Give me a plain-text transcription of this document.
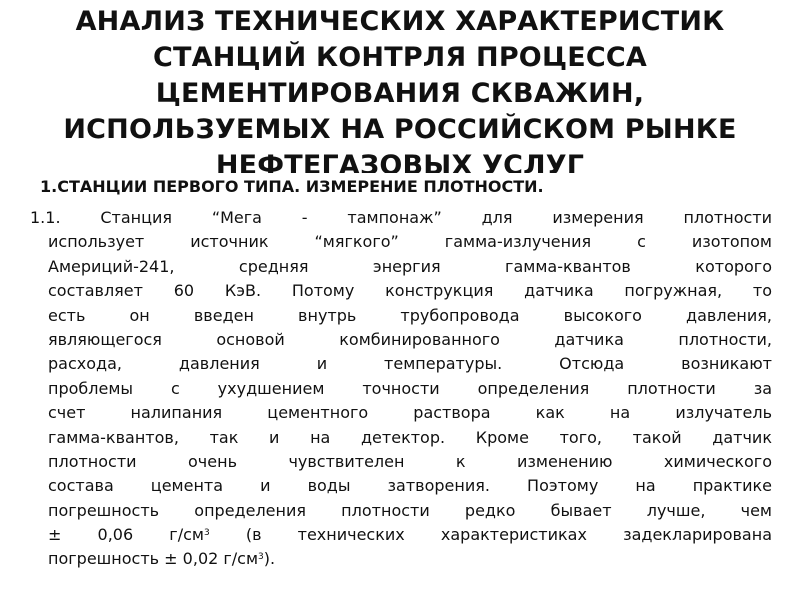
АНАЛИЗ ТЕХНИЧЕСКИХ ХАРАКТЕРИСТИК
СТАНЦИЙ КОНТРЛЯ ПРОЦЕССА
ЦЕМЕНТИРОВАНИЯ СКВАЖИН,
ИСПОЛЬЗУЕМЫХ НА РОССИЙСКОМ РЫНКЕ
НЕФТЕГАЗОВЫХ УСЛУГ
1.СТАНЦИИ ПЕРВОГО ТИПА. ИЗМЕРЕНИЕ ПЛОТНОСТИ.
1.1. Станция “Мега - тампонаж” для измерения плотности
использует источник “мягкого” гамма-излучения с изотопом
Америций-241, средняя энергия гамма-квантов которого
составляет 60 КэВ. Потому конструкция датчика погружная, то
есть он введен внутрь трубопровода высокого давления,
являющегося основой комбинированного датчика плотности,
расхода, давления и температуры. Отсюда возникают
проблемы с ухудшением точности определения плотности за
счет налипания цементного раствора как на излучатель
гамма-квантов, так и на детектор. Кроме того, такой датчик
плотности очень чувствителен к изменению химического
состава цемента и воды затворения. Поэтому на практике
погрешность определения плотности редко бывает лучше, чем
± 0,06 $г/см^3$ (в технических характеристиках задекларирована
погрешность ± 0,02 $г/см^3$).
